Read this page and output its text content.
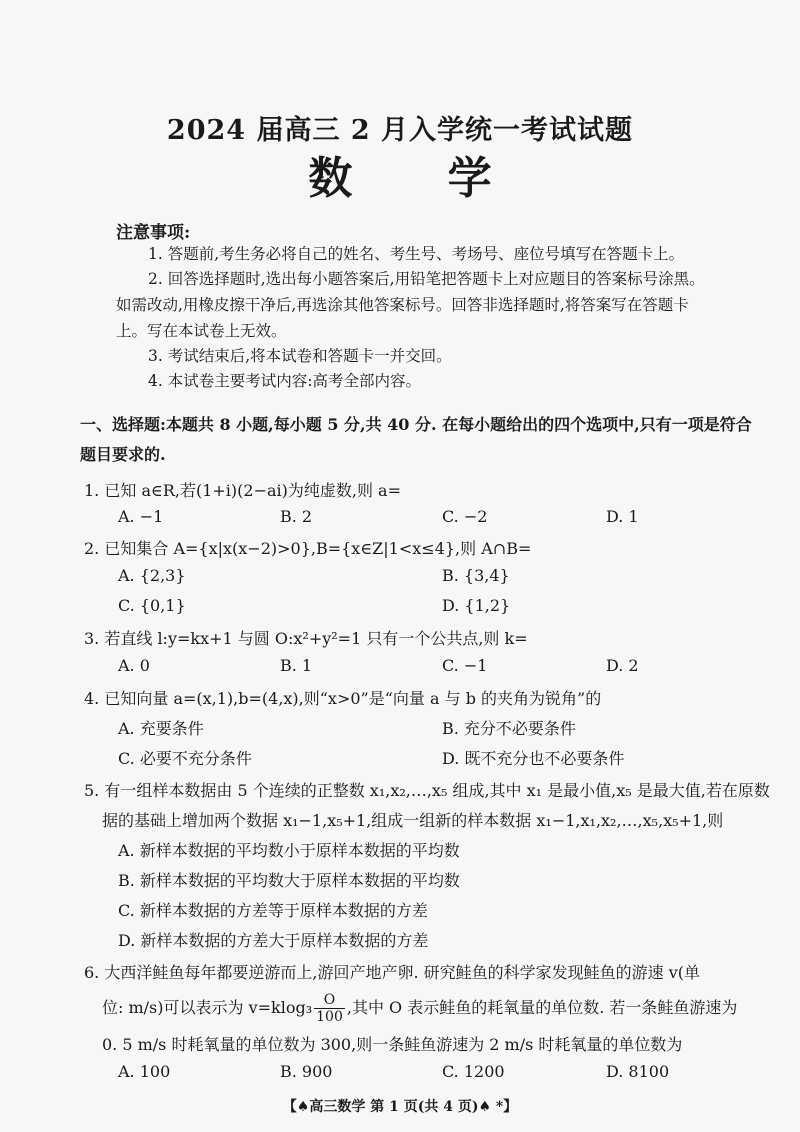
2024 届高三 2 月入学统一考试试题
数 学
注意事项:
1. 答题前,考生务必将自己的姓名、考生号、考场号、座位号填写在答题卡上。
2. 回答选择题时,选出每小题答案后,用铅笔把答题卡上对应题目的答案标号涂黑。如需改动,用橡皮擦干净后,再选涂其他答案标号。回答非选择题时,将答案写在答题卡上。写在本试卷上无效。
3. 考试结束后,将本试卷和答题卡一并交回。
4. 本试卷主要考试内容:高考全部内容。
一、选择题:本题共 8 小题,每小题 5 分,共 40 分. 在每小题给出的四个选项中,只有一项是符合
题目要求的.
1. 已知 a∈R,若(1+i)(2−ai)为纯虚数,则 a=
A. −1	B. 2	C. −2	D. 1
2. 已知集合 A={x|x(x−2)>0},B={x∈Z|1<x≤4},则 A∩B=
A. {2,3}	B. {3,4}
C. {0,1}	D. {1,2}
3. 若直线 l:y=kx+1 与圆 O:x²+y²=1 只有一个公共点,则 k=
A. 0	B. 1	C. −1	D. 2
4. 已知向量 a=(x,1),b=(4,x),则“x>0”是“向量 a 与 b 的夹角为锐角”的
A. 充要条件	B. 充分不必要条件
C. 必要不充分条件	D. 既不充分也不必要条件
5. 有一组样本数据由 5 个连续的正整数 x₁,x₂,…,x₅ 组成,其中 x₁ 是最小值,x₅ 是最大值,若在原数
据的基础上增加两个数据 x₁−1,x₅+1,组成一组新的样本数据 x₁−1,x₁,x₂,…,x₅,x₅+1,则
A. 新样本数据的平均数小于原样本数据的平均数
B. 新样本数据的平均数大于原样本数据的平均数
C. 新样本数据的方差等于原样本数据的方差
D. 新样本数据的方差大于原样本数据的方差
6. 大西洋鲑鱼每年都要逆游而上,游回产地产卵. 研究鲑鱼的科学家发现鲑鱼的游速 v(单
位: m/s)可以表示为 $v=klog_3 \frac{O}{100}$ ,其中 O 表示鲑鱼的耗氧量的单位数. 若一条鲑鱼游速为
0. 5 m/s 时耗氧量的单位数为 300,则一条鲑鱼游速为 2 m/s 时耗氧量的单位数为
A. 100	B. 900	C. 1200	D. 8100
【♠高三数学 第 1 页(共 4 页)♠ *】
